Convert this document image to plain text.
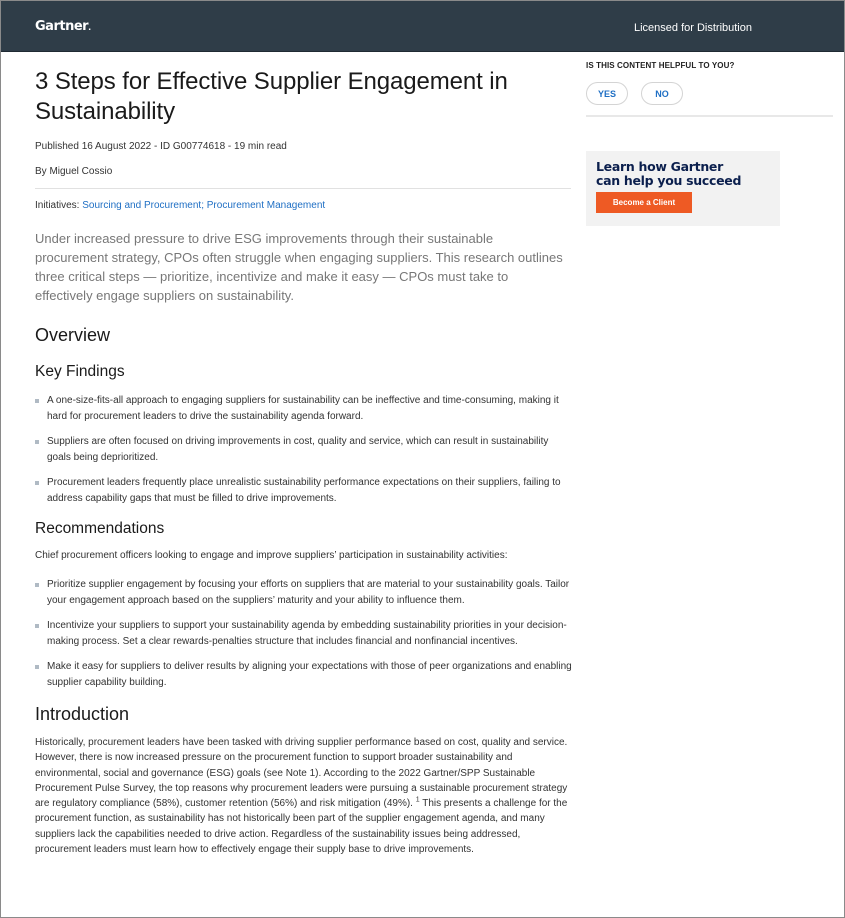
Gartner.	Licensed for Distribution
3 Steps for Effective Supplier Engagement in Sustainability
Published 16 August 2022 - ID G00774618 - 19 min read
By Miguel Cossio
Initiatives: Sourcing and Procurement; Procurement Management

Under increased pressure to drive ESG improvements through their sustainable procurement strategy, CPOs often struggle when engaging suppliers. This research outlines three critical steps — prioritize, incentivize and make it easy — CPOs must take to effectively engage suppliers on sustainability.

Overview
Key Findings
A one-size-fits-all approach to engaging suppliers for sustainability can be ineffective and time-consuming, making it hard for procurement leaders to drive the sustainability agenda forward.
Suppliers are often focused on driving improvements in cost, quality and service, which can result in sustainability goals being deprioritized.
Procurement leaders frequently place unrealistic sustainability performance expectations on their suppliers, failing to address capability gaps that must be filled to drive improvements.
Recommendations

Chief procurement officers looking to engage and improve suppliers’ participation in sustainability activities:

Prioritize supplier engagement by focusing your efforts on suppliers that are material to your sustainability goals. Tailor your engagement approach based on the suppliers’ maturity and your ability to influence them.
Incentivize your suppliers to support your sustainability agenda by embedding sustainability priorities in your decision-making process. Set a clear rewards-penalties structure that includes financial and nonfinancial incentives.
Make it easy for suppliers to deliver results by aligning your expectations with those of peer organizations and enabling supplier capability building.
Introduction

Historically, procurement leaders have been tasked with driving supplier performance based on cost, quality and service. However, there is now increased pressure on the procurement function to support broader sustainability and environmental, social and governance (ESG) goals (see Note 1). According to the 2022 Gartner/SPP Sustainable Procurement Pulse Survey, the top reasons why procurement leaders were pursuing a sustainable procurement strategy are regulatory compliance (58%), customer retention (56%) and risk mitigation (49%). $^1$ This presents a challenge for the procurement function, as sustainability has not historically been part of the supplier engagement agenda, and many suppliers lack the capabilities needed to drive action. Regardless of the sustainability issues being addressed, procurement leaders must learn how to effectively engage their supply base to drive improvements.

IS THIS CONTENT HELPFUL TO YOU?
YES	NO
Learn how Gartner
can help you succeed
Become a Client
